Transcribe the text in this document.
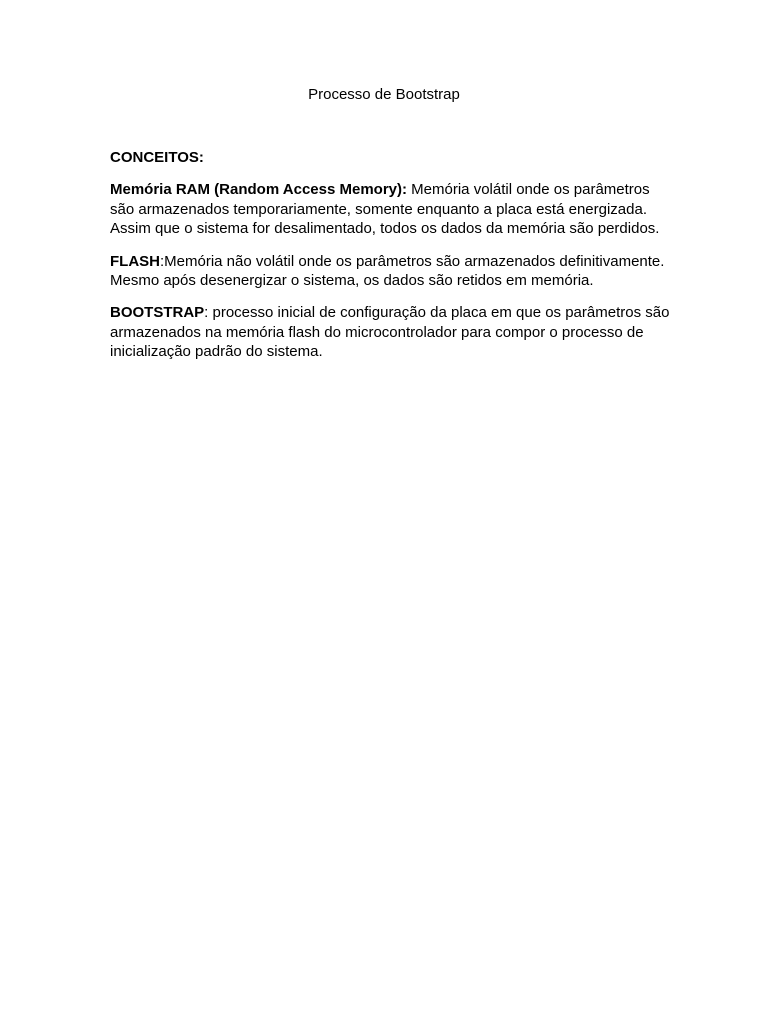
Processo de Bootstrap

CONCEITOS:

Memória RAM (Random Access Memory): Memória volátil onde os parâmetros são armazenados temporariamente, somente enquanto a placa está energizada. Assim que o sistema for desalimentado, todos os dados da memória são perdidos.

FLASH:Memória não volátil onde os parâmetros são armazenados definitivamente. Mesmo após desenergizar o sistema, os dados são retidos em memória.

BOOTSTRAP: processo inicial de configuração da placa em que os parâmetros são armazenados na memória flash do microcontrolador para compor o processo de inicialização padrão do sistema.
